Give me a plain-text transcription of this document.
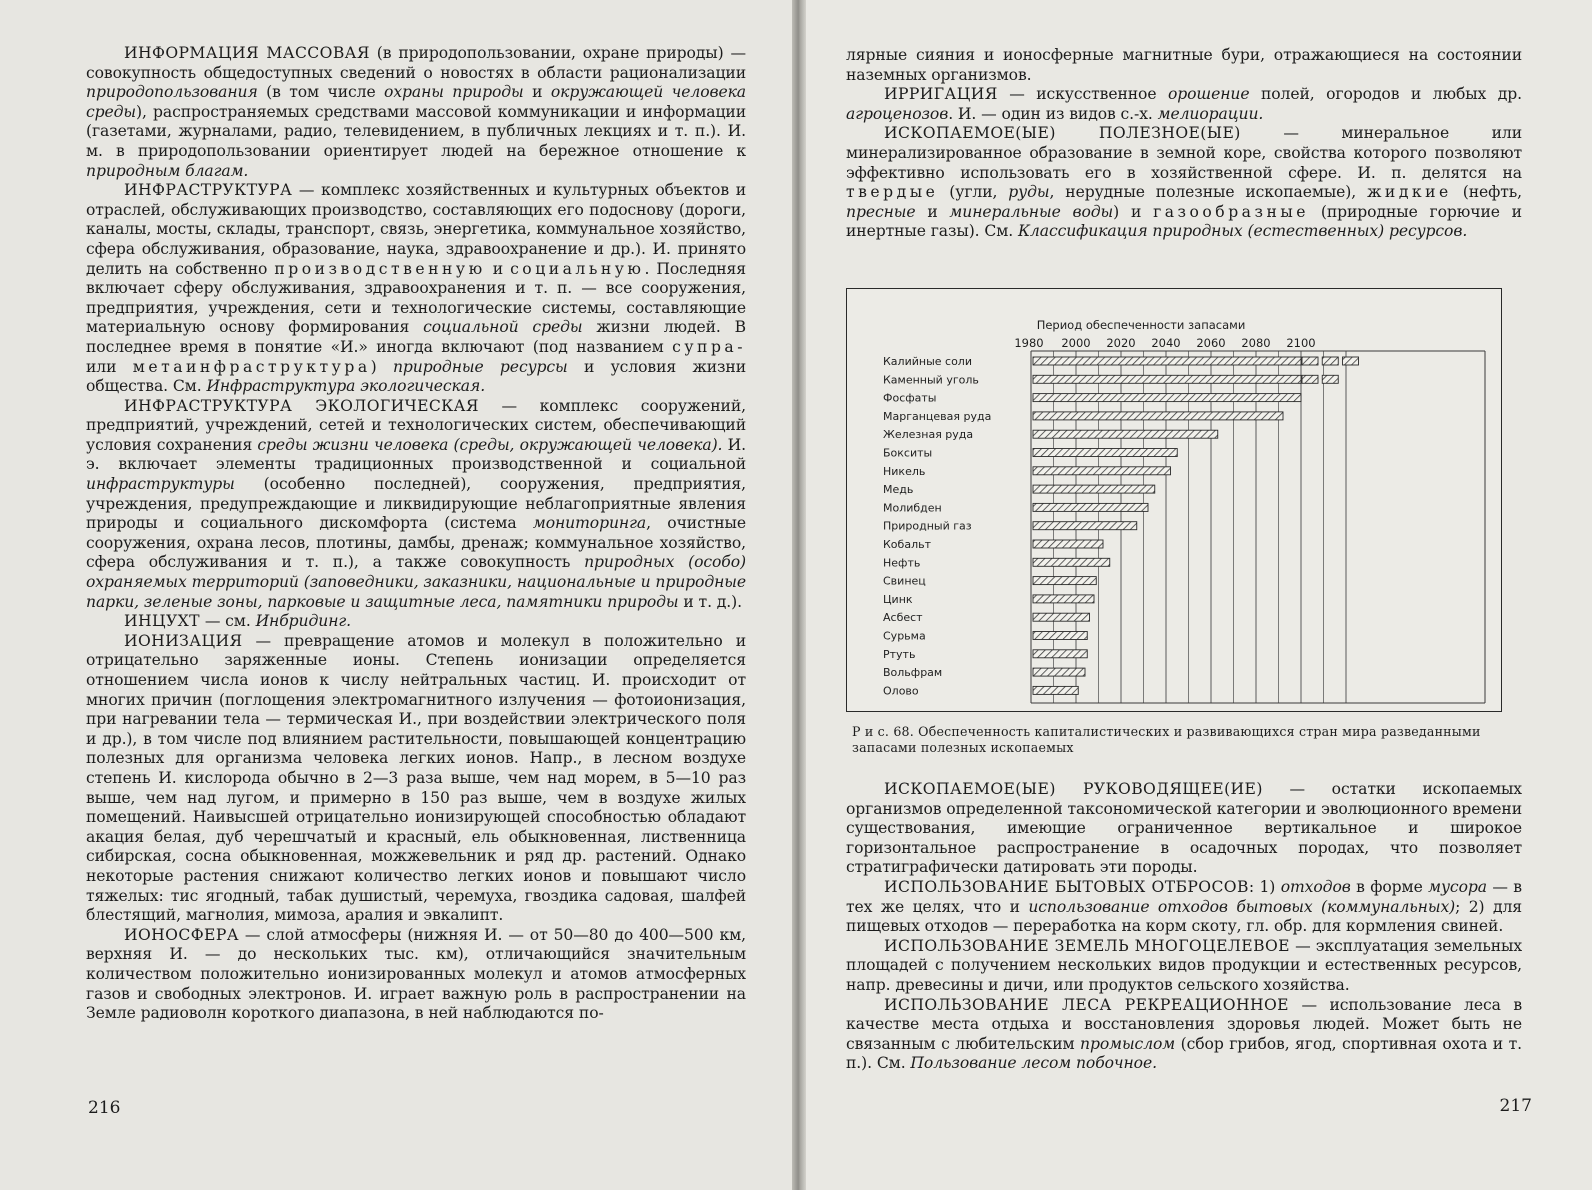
ИНФОРМАЦИЯ МАССОВАЯ (в природопользовании, охране природы) — совокупность общедоступных сведений о новостях в области рационализации природопользования (в том числе охраны природы и окружающей человека среды), распространяемых средствами массовой коммуникации и информации (газетами, журналами, радио, телевидением, в публичных лекциях и т. п.). И. м. в природопользовании ориентирует людей на бережное отношение к природным благам.

ИНФРАСТРУКТУРА — комплекс хозяйственных и культурных объектов и отраслей, обслуживающих производство, составляющих его подоснову (дороги, каналы, мосты, склады, транспорт, связь, энергетика, коммунальное хозяйство, сфера обслуживания, образование, наука, здравоохранение и др.). И. принято делить на собственно производственную и социальную. Последняя включает сферу обслуживания, здравоохранения и т. п. — все сооружения, предприятия, учреждения, сети и технологические системы, составляющие материальную основу формирования социальной среды жизни людей. В последнее время в понятие «И.» иногда включают (под названием супра- или метаинфраструктура) природные ресурсы и условия жизни общества. См. Инфраструктура экологическая.

ИНФРАСТРУКТУРА ЭКОЛОГИЧЕСКАЯ — комплекс сооружений, предприятий, учреждений, сетей и технологических систем, обеспечивающий условия сохранения среды жизни человека (среды, окружающей человека). И. э. включает элементы традиционных производственной и социальной инфраструктуры (особенно последней), сооружения, предприятия, учреждения, предупреждающие и ликвидирующие неблагоприятные явления природы и социального дискомфорта (система мониторинга, очистные сооружения, охрана лесов, плотины, дамбы, дренаж; коммунальное хозяйство, сфера обслуживания и т. п.), а также совокупность природных (особо) охраняемых территорий (заповедники, заказники, национальные и природные парки, зеленые зоны, парковые и защитные леса, памятники природы и т. д.).

ИНЦУХТ — см. Инбридинг.

ИОНИЗАЦИЯ — превращение атомов и молекул в положительно и отрицательно заряженные ионы. Степень ионизации определяется отношением числа ионов к числу нейтральных частиц. И. происходит от многих причин (поглощения электромагнитного излучения — фотоионизация, при нагревании тела — термическая И., при воздействии электрического поля и др.), в том числе под влиянием растительности, повышающей концентрацию полезных для организма человека легких ионов. Напр., в лесном воздухе степень И. кислорода обычно в 2—3 раза выше, чем над морем, в 5—10 раз выше, чем над лугом, и примерно в 150 раз выше, чем в воздухе жилых помещений. Наивысшей отрицательно ионизирующей способностью обладают акация белая, дуб черешчатый и красный, ель обыкновенная, лиственница сибирская, сосна обыкновенная, можжевельник и ряд др. растений. Однако некоторые растения снижают количество легких ионов и повышают число тяжелых: тис ягодный, табак душистый, черемуха, гвоздика садовая, шалфей блестящий, магнолия, мимоза, аралия и эвкалипт.

ИОНОСФЕРА — слой атмосферы (нижняя И. — от 50—80 до 400—500 км, верхняя И. — до нескольких тыс. км), отличающийся значительным количеством положительно ионизированных молекул и атомов атмосферных газов и свободных электронов. И. играет важную роль в распространении на Земле радиоволн короткого диапазона, в ней наблюдаются по-

216

лярные сияния и ионосферные магнитные бури, отражающиеся на состоянии наземных организмов.

ИРРИГАЦИЯ — искусственное орошение полей, огородов и любых др. агроценозов. И. — один из видов с.-х. мелиорации.

ИСКОПАЕМОЕ(ЫЕ) ПОЛЕЗНОЕ(ЫЕ) — минеральное или минерализированное образование в земной коре, свойства которого позволяют эффективно использовать его в хозяйственной сфере. И. п. делятся на твердые (угли, руды, нерудные полезные ископаемые), жидкие (нефть, пресные и минеральные воды) и газообразные (природные горючие и инертные газы). См. Классификация природных (естественных) ресурсов.

Период обеспеченности запасами
1980 2000 2020 2040 2060 2080 2100
Калийные соли
Каменный уголь
Фосфаты
Марганцевая руда
Железная руда
Бокситы
Никель
Медь
Молибден
Природный газ
Кобальт
Нефть
Свинец
Цинк
Асбест
Сурьма
Ртуть
Вольфрам
Олово
Р и с. 68. Обеспеченность капиталистических и развивающихся стран мира разведанными запасами полезных ископаемых

ИСКОПАЕМОЕ(ЫЕ) РУКОВОДЯЩЕЕ(ИЕ) — остатки ископаемых организмов определенной таксономической категории и эволюционного времени существования, имеющие ограниченное вертикальное и широкое горизонтальное распространение в осадочных породах, что позволяет стратиграфически датировать эти породы.

ИСПОЛЬЗОВАНИЕ БЫТОВЫХ ОТБРОСОВ: 1) отходов в форме мусора — в тех же целях, что и использование отходов бытовых (коммунальных); 2) для пищевых отходов — переработка на корм скоту, гл. обр. для кормления свиней.

ИСПОЛЬЗОВАНИЕ ЗЕМЕЛЬ МНОГОЦЕЛЕВОЕ — эксплуатация земельных площадей с получением нескольких видов продукции и естественных ресурсов, напр. древесины и дичи, или продуктов сельского хозяйства.

ИСПОЛЬЗОВАНИЕ ЛЕСА РЕКРЕАЦИОННОЕ — использование леса в качестве места отдыха и восстановления здоровья людей. Может быть не связанным с любительским промыслом (сбор грибов, ягод, спортивная охота и т. п.). См. Пользование лесом побочное.

217
